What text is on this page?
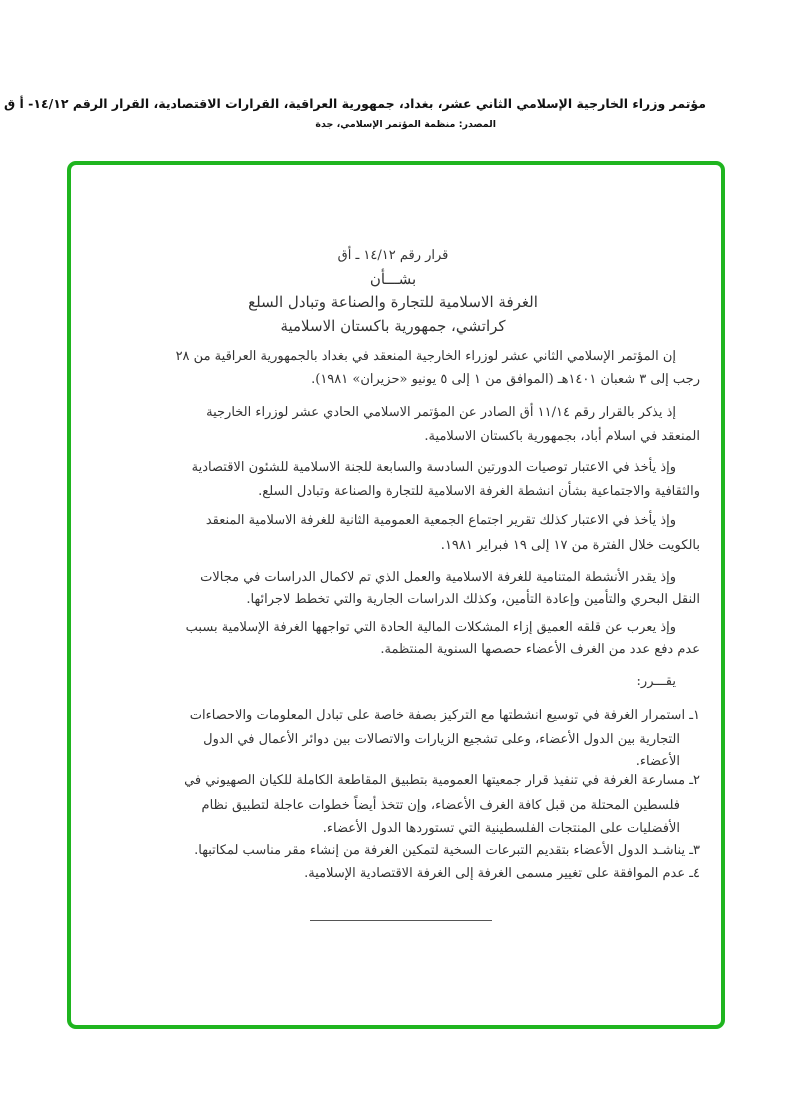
مؤتمر وزراء الخارجية الإسلامي الثاني عشر، بغداد، جمهورية العراقية، القرارات الاقتصادية، القرار الرقم ١٤/١٢- أ ق
المصدر: منظمة المؤتمر الإسلامي، جدة
قرار رقم ١٤/١٢ ـ أق
بشـــأن
الغرفة الاسلامية للتجارة والصناعة وتبادل السلع
كراتشي، جمهورية باكستان الاسلامية
إن المؤتمر الإسلامي الثاني عشر لوزراء الخارجية المنعقد في بغداد بالجمهورية العراقية من ٢٨
رجب إلى ٣ شعبان ١٤٠١هـ (الموافق من ١ إلى ٥ يونيو «حزيران» ١٩٨١).
إذ يذكر بالقرار رقم ١١/١٤ أق الصادر عن المؤتمر الاسلامي الحادي عشر لوزراء الخارجية
المنعقد في اسلام أباد، بجمهورية باكستان الاسلامية.
وإذ يأخذ في الاعتبار توصيات الدورتين السادسة والسابعة للجنة الاسلامية للشئون الاقتصادية
والثقافية والاجتماعية بشأن انشطة الغرفة الاسلامية للتجارة والصناعة وتبادل السلع.
وإذ يأخذ في الاعتبار كذلك تقرير اجتماع الجمعية العمومية الثانية للغرفة الاسلامية المنعقد
بالكويت خلال الفترة من ١٧ إلى ١٩ فبراير ١٩٨١.
وإذ يقدر الأنشطة المتنامية للغرفة الاسلامية والعمل الذي تم لاكمال الدراسات في مجالات
النقل البحري والتأمين وإعادة التأمين، وكذلك الدراسات الجارية والتي تخطط لاجرائها.
وإذ يعرب عن قلقه العميق إزاء المشكلات المالية الحادة التي تواجهها الغرفة الإسلامية بسبب
عدم دفع عدد من الغرف الأعضاء حصصها السنوية المنتظمة.
يقـــرر:
١ـ استمرار الغرفة في توسيع انشطتها مع التركيز بصفة خاصة على تبادل المعلومات والاحصاءات
التجارية بين الدول الأعضاء، وعلى تشجيع الزيارات والاتصالات بين دوائر الأعمال في الدول
الأعضاء.
٢ـ مسارعة الغرفة في تنفيذ قرار جمعيتها العمومية بتطبيق المقاطعة الكاملة للكيان الصهيوني في
فلسطين المحتلة من قبل كافة الغرف الأعضاء، وإن تتخذ أيضاً خطوات عاجلة لتطبيق نظام
الأفضليات على المنتجات الفلسطينية التي تستوردها الدول الأعضاء.
٣ـ يناشـد الدول الأعضاء بتقديم التبرعات السخية لتمكين الغرفة من إنشاء مقر مناسب لمكاتبها.
٤ـ عدم الموافقة على تغيير مسمى الغرفة إلى الغرفة الاقتصادية الإسلامية.
